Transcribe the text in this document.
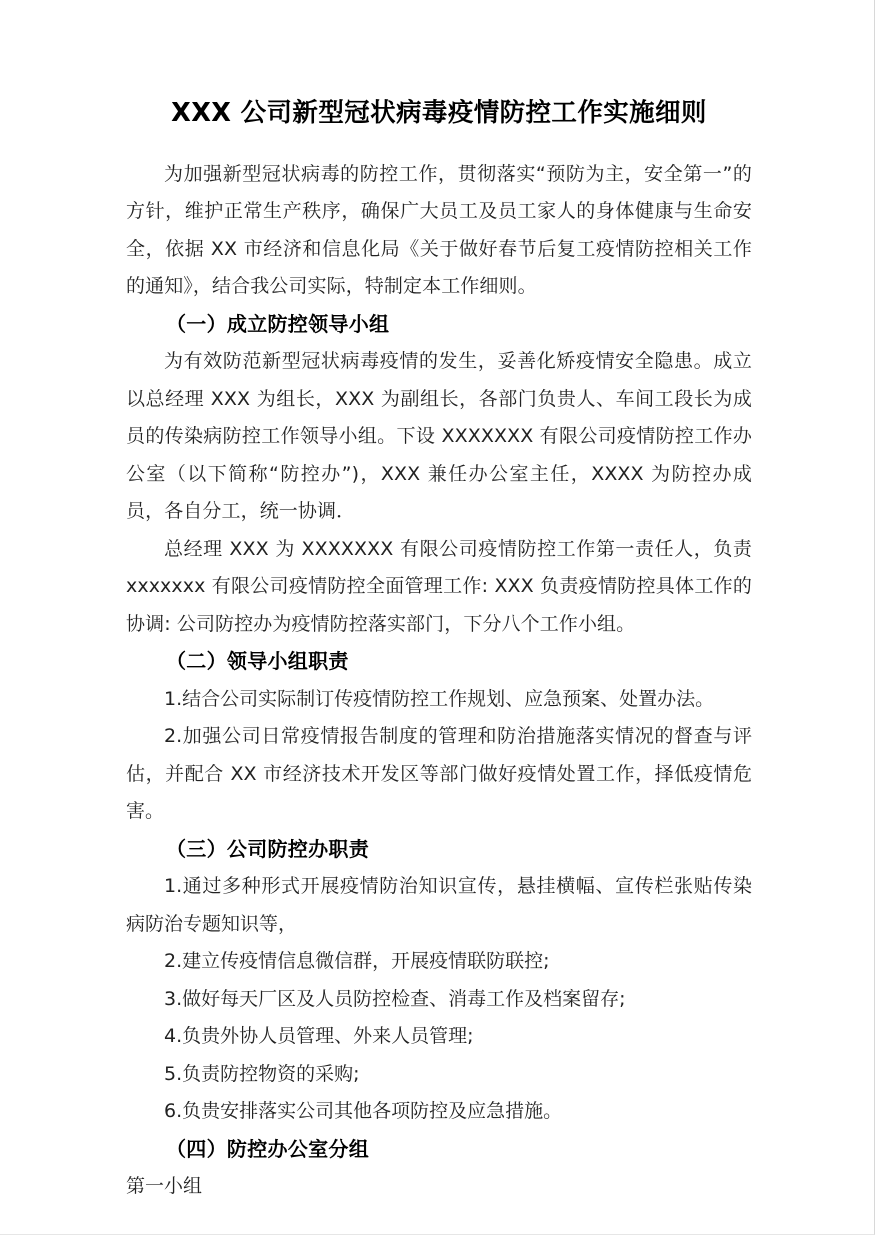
XXX 公司新型冠状病毒疫情防控工作实施细则

为加强新型冠状病毒的防控工作，贯彻落实“预防为主，安全第一”的方针，维护正常生产秩序，确保广大员工及员工家人的身体健康与生命安全，依据 XX 市经济和信息化局《关于做好春节后复工疫情防控相关工作的通知》，结合我公司实际，特制定本工作细则。

（一）成立防控领导小组

为有效防范新型冠状病毒疫情的发生，妥善化矫疫情安全隐患。成立以总经理 XXX 为组长，XXX 为副组长，各部门负贵人、车间工段长为成员的传染病防控工作领导小组。下设 XXXXXXX 有限公司疫情防控工作办公室（以下简称“防控办”)，XXX 兼任办公室主任，XXXX 为防控办成员，各自分工，统一协调．

总经理 XXX 为 XXXXXXX 有限公司疫情防控工作第一责任人，负责 xxxxxxx 有限公司疫情防控全面管理工作: XXX 负责疫情防控具体工作的协调: 公司防控办为疫情防控落实部门，下分八个工作小组。

（二）领导小组职责

1.结合公司实际制订传疫情防控工作规划、应急预案、处置办法。

2.加强公司日常疫情报告制度的管理和防治措施落实情况的督查与评估，并配合 XX 市经济技术开发区等部门做好疫情处置工作，择低疫情危害。

（三）公司防控办职责

1.通过多种形式开展疫情防治知识宣传，悬挂横幅、宣传栏张贴传染病防治专题知识等，

2.建立传疫情信息微信群，开展疫情联防联控;

3.做好每天厂区及人员防控检查、消毒工作及档案留存;

4.负贵外协人员管理、外来人员管理;

5.负责防控物资的采购;

6.负贵安排落实公司其他各项防控及应急措施。

（四）防控办公室分组

第一小组
